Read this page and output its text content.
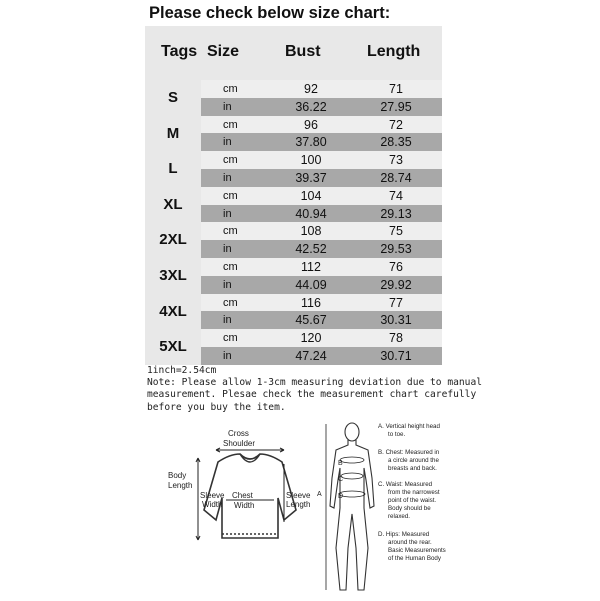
Please check below size chart:
Tags Size	Bust	Length
S	cm	92	71
in	36.22	27.95
M	cm	96	72
in	37.80	28.35
L	cm	100	73
in	39.37	28.74
XL	cm	104	74
in	40.94	29.13
2XL	cm	108	75
in	42.52	29.53
3XL	cm	112	76
in	44.09	29.92
4XL	cm	116	77
in	45.67	30.31
5XL	cm	120	78
in	47.24	30.71
1inch=2.54cm
Note: Please allow 1-3cm measuring deviation due to manual
measurement. Plesae check the measurement chart carefully
before you buy the item.
Cross
Shoulder
Body
Length
Sleeve
Width
Chest
Width
Sleeve
Length
B
C
D
A
A. Vertical height head
to toe.
B. Chest: Measured in
a circle around the
breasts and back.
C. Waist: Measured
from the narrowest
point of the waist.
Body should be
relaxed.
D. Hips: Measured
around the rear.
Basic Measurements
of the Human Body
